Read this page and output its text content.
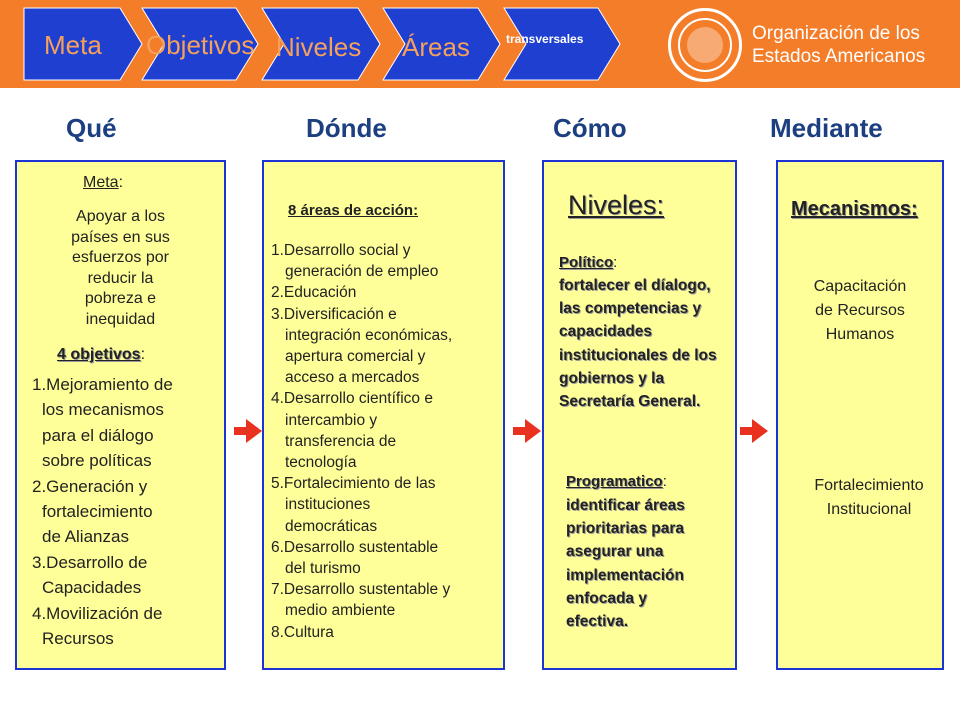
Meta Objetivos Niveles Áreas	transversales	Organización de los
Estados Americanos
Qué	Dónde	Cómo	Mediante
Meta:
Apoyar a los
países en sus
esfuerzos por
reducir la
pobreza e
inequidad
4 objetivos:
1.Mejoramiento de
los mecanismos
para el diálogo
sobre políticas
2.Generación y
fortalecimiento
de Alianzas
3.Desarrollo de
Capacidades
4.Movilización de
Recursos
8 áreas de acción:
1.Desarrollo social y
generación de empleo
2.Educación
3.Diversificación e
integración económicas,
apertura comercial y
acceso a mercados
4.Desarrollo científico e
intercambio y
transferencia de
tecnología
5.Fortalecimiento de las
instituciones
democráticas
6.Desarrollo sustentable
del turismo
7.Desarrollo sustentable y
medio ambiente
8.Cultura
Niveles:
Político:
fortalecer el díalogo,
las competencias y
capacidades
institucionales de los
gobiernos y la
Secretaría General.
Programatico:
identificar áreas
prioritarias para
asegurar una
implementación
enfocada y
efectiva.
Mecanismos:
Capacitación
de Recursos
Humanos
Fortalecimiento
Institucional
